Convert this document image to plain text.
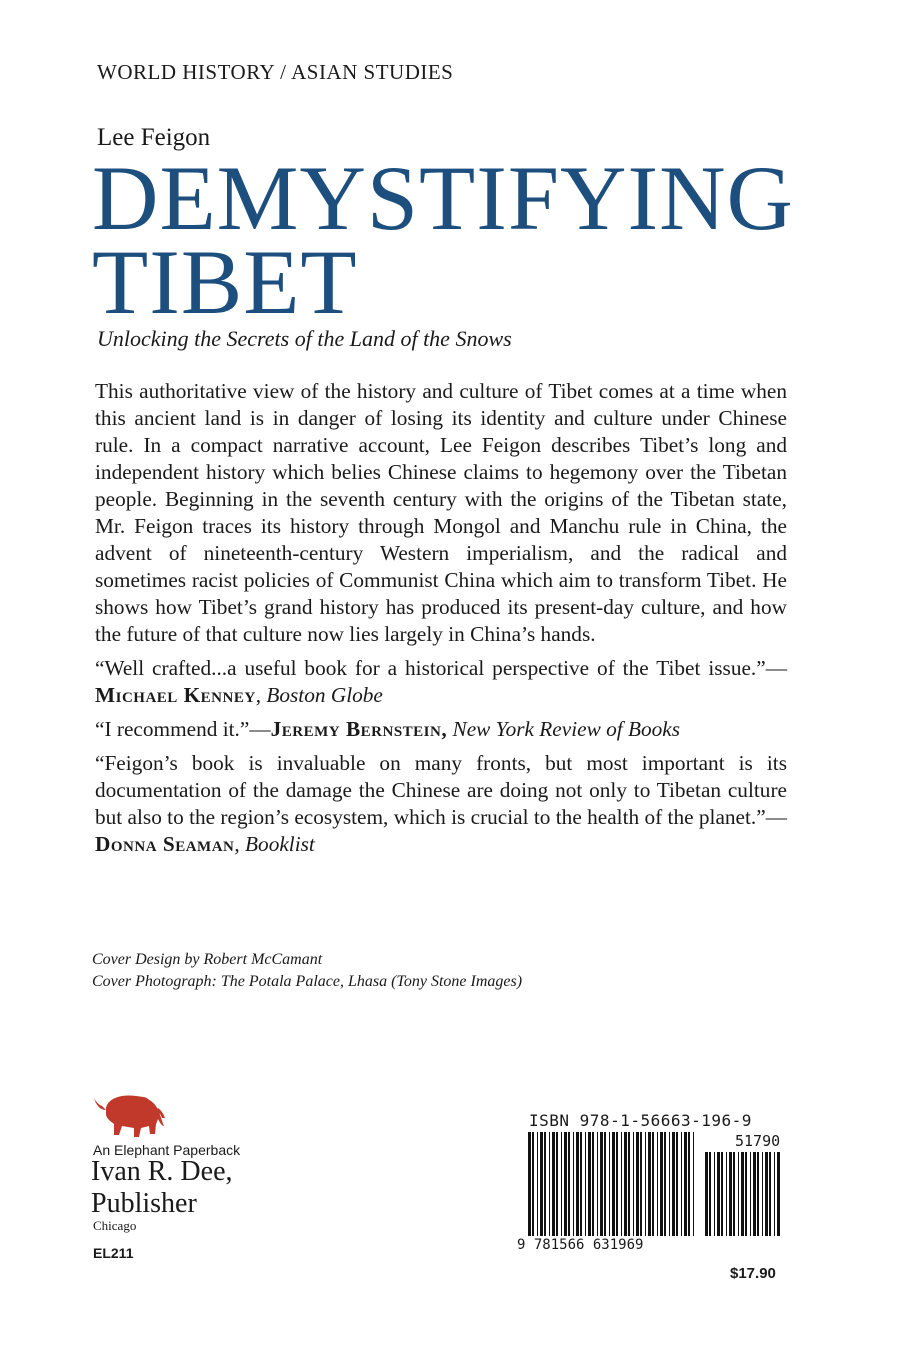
WORLD HISTORY / ASIAN STUDIES
Lee Feigon
DEMYSTIFYING
TIBET
Unlocking the Secrets of the Land of the Snows

This authoritative view of the history and culture of Tibet comes at a time when this ancient land is in danger of losing its identity and culture under Chinese rule. In a compact narrative account, Lee Feigon describes Tibet’s long and independent history which belies Chinese claims to hegemony over the Tibetan people. Beginning in the seventh century with the origins of the Tibetan state, Mr. Feigon traces its history through Mongol and Manchu rule in China, the advent of nineteenth-century Western imperialism, and the radical and sometimes racist policies of Communist China which aim to transform Tibet. He shows how Tibet’s grand history has produced its present-day culture, and how the future of that culture now lies largely in China’s hands.

“Well crafted...a useful book for a historical perspective of the Tibet issue.”—Michael Kenney, Boston Globe

“I recommend it.”—Jeremy Bernstein, New York Review of Books

“Feigon’s book is invaluable on many fronts, but most important is its documentation of the damage the Chinese are doing not only to Tibetan culture but also to the region’s ecosystem, which is crucial to the health of the planet.”—Donna Seaman, Booklist

Cover Design by Robert McCamant
Cover Photograph: The Potala Palace, Lhasa (Tony Stone Images)
An Elephant Paperback
Ivan R. Dee,
Publisher
Chicago
EL211
ISBN 978-1-56663-196-9
51790
9 781566 631969
$17.90
